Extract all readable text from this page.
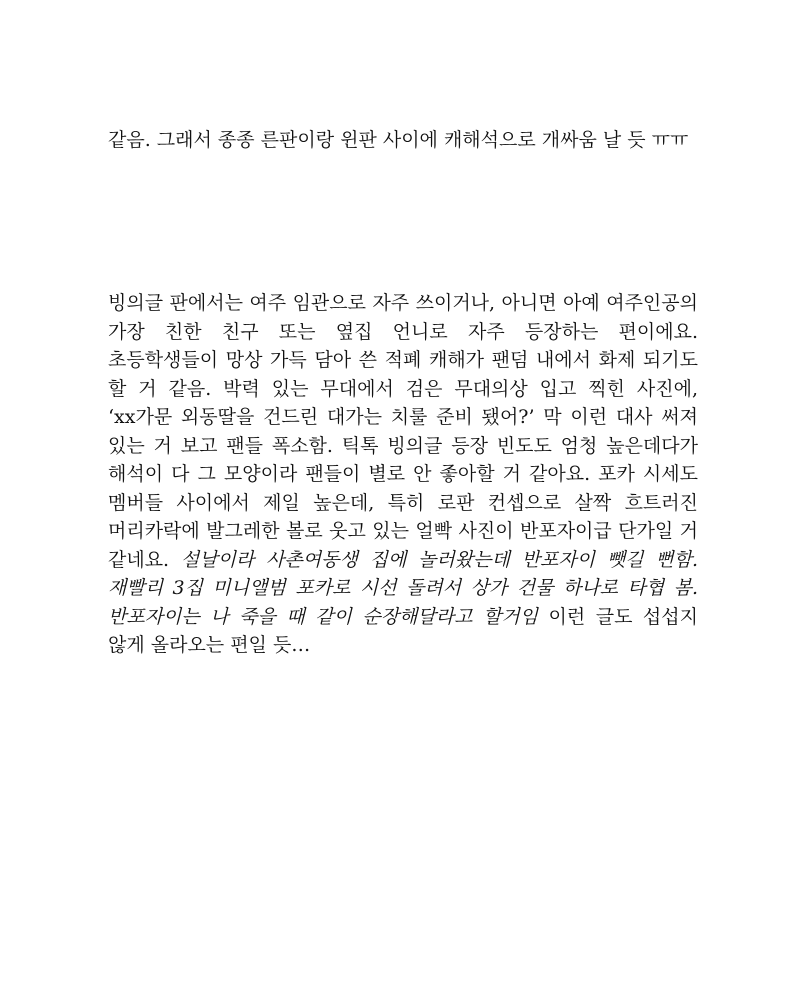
같음. 그래서 종종 른판이랑 윈판 사이에 캐해석으로 개싸움 날 듯 ㅠㅠ

빙의글 판에서는 여주 임관으로 자주 쓰이거나, 아니면 아예 여주인공의 가장 친한 친구 또는 옆집 언니로 자주 등장하는 편이에요. 초등학생들이 망상 가득 담아 쓴 적폐 캐해가 팬덤 내에서 화제 되기도 할 거 같음. 박력 있는 무대에서 검은 무대의상 입고 찍힌 사진에, ‘xx가문 외동딸을 건드린 대가는 치룰 준비 됐어?’ 막 이런 대사 써져 있는 거 보고 팬들 폭소함. 틱톡 빙의글 등장 빈도도 엄청 높은데다가 해석이 다 그 모양이라 팬들이 별로 안 좋아할 거 같아요. 포카 시세도 멤버들 사이에서 제일 높은데, 특히 로판 컨셉으로 살짝 흐트러진 머리카락에 발그레한 볼로 웃고 있는 얼빡 사진이 반포자이급 단가일 거 같네요. 설날이라 사촌여동생 집에 놀러왔는데 반포자이 뺏길 뻔함. 재빨리 3집 미니앨범 포카로 시선 돌려서 상가 건물 하나로 타협 봄. 반포자이는 나 죽을 때 같이 순장해달라고 할거임 이런 글도 섭섭지 않게 올라오는 편일 듯…
